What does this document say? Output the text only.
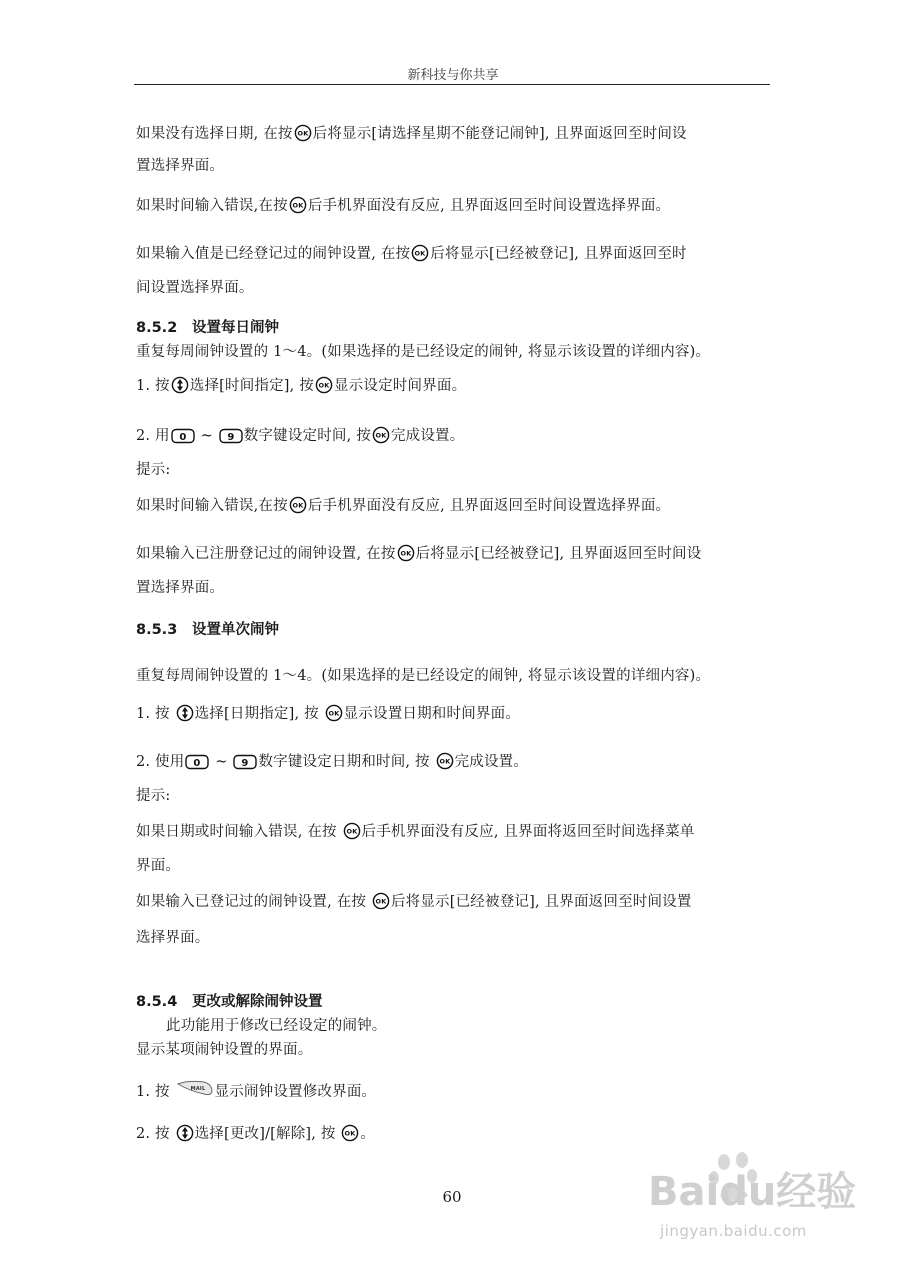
新科技与你共享
如果没有选择日期, 在按 OK 后将显示[请选择星期不能登记闹钟], 且界面返回至时间设
置选择界面。
如果时间输入错误,在按 OK 后手机界面没有反应, 且界面返回至时间设置选择界面。
如果输入值是已经登记过的闹钟设置, 在按 OK 后将显示[已经被登记], 且界面返回至时
间设置选择界面。
8.5.2 设置每日闹钟
重复每周闹钟设置的 1～4。(如果选择的是已经设定的闹钟, 将显示该设置的详细内容)。
1. 按 选择[时间指定], 按 OK 显示设定时间界面。
2. 用 0 ~ 9 数字键设定时间, 按 OK 完成设置。
提示:
如果时间输入错误,在按 OK 后手机界面没有反应, 且界面返回至时间设置选择界面。
如果输入已注册登记过的闹钟设置, 在按 OK 后将显示[已经被登记], 且界面返回至时间设
置选择界面。
8.5.3 设置单次闹钟
重复每周闹钟设置的 1～4。(如果选择的是已经设定的闹钟, 将显示该设置的详细内容)。
1. 按 选择[日期指定], 按 OK 显示设置日期和时间界面。
2. 使用 0 ~ 9 数字键设定日期和时间, 按 OK 完成设置。
提示:
如果日期或时间输入错误, 在按 OK 后手机界面没有反应, 且界面将返回至时间选择菜单
界面。
如果输入已登记过的闹钟设置, 在按 OK 后将显示[已经被登记], 且界面返回至时间设置
选择界面。
8.5.4 更改或解除闹钟设置
此功能用于修改已经设定的闹钟。
显示某项闹钟设置的界面。
1. 按	MAIL 显示闹钟设置修改界面。
2. 按 选择[更改]/[解除], 按 OK 。
60	Baidu经验
jingyan.baidu.com
